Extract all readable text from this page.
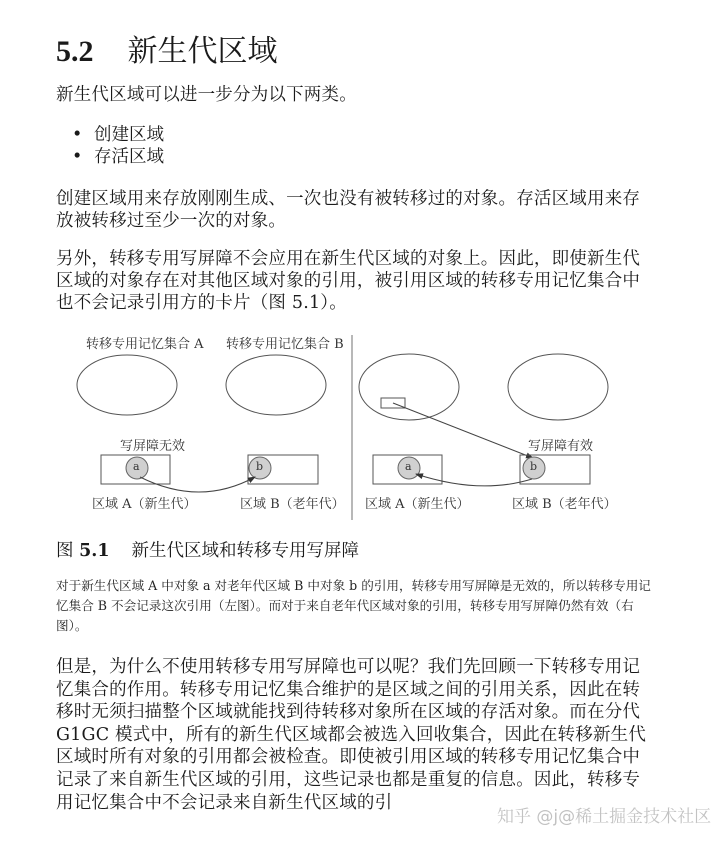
5.2 新生代区域
新生代区域可以进一步分为以下两类。
• 创建区域
• 存活区域
创建区域用来存放刚刚生成、一次也没有被转移过的对象。存活区域用来存放被转移过至少一次的对象。
另外，转移专用写屏障不会应用在新生代区域的对象上。因此，即使新生代区域的对象存在对其他区域对象的引用，被引用区域的转移专用记忆集合中也不会记录引用方的卡片（图 5.1）。
转移专用记忆集合 A 转移专用记忆集合 B
写屏障无效
a	b
区域 A（新生代）	区域 B（老年代）
写屏障有效
a	b
区域 A（新生代）	区域 B（老年代）
图 5.1 新生代区域和转移专用写屏障
对于新生代区域 A 中对象 a 对老年代区域 B 中对象 b 的引用，转移专用写屏障是无效的，所以转移专用记忆集合 B 不会记录这次引用（左图）。而对于来自老年代区域对象的引用，转移专用写屏障仍然有效（右图）。
但是，为什么不使用转移专用写屏障也可以呢？我们先回顾一下转移专用记忆集合的作用。转移专用记忆集合维护的是区域之间的引用关系，因此在转移时无须扫描整个区域就能找到待转移对象所在区域的存活对象。而在分代 G1GC 模式中，所有的新生代区域都会被选入回收集合，因此在转移新生代区域时所有对象的引用都会被检查。即使被引用区域的转移专用记忆集合中记录了来自新生代区域的引用，这些记录也都是重复的信息。因此，转移专用记忆集合中不会记录来自新生代区域的引
知乎 @j@稀土掘金技术社区
